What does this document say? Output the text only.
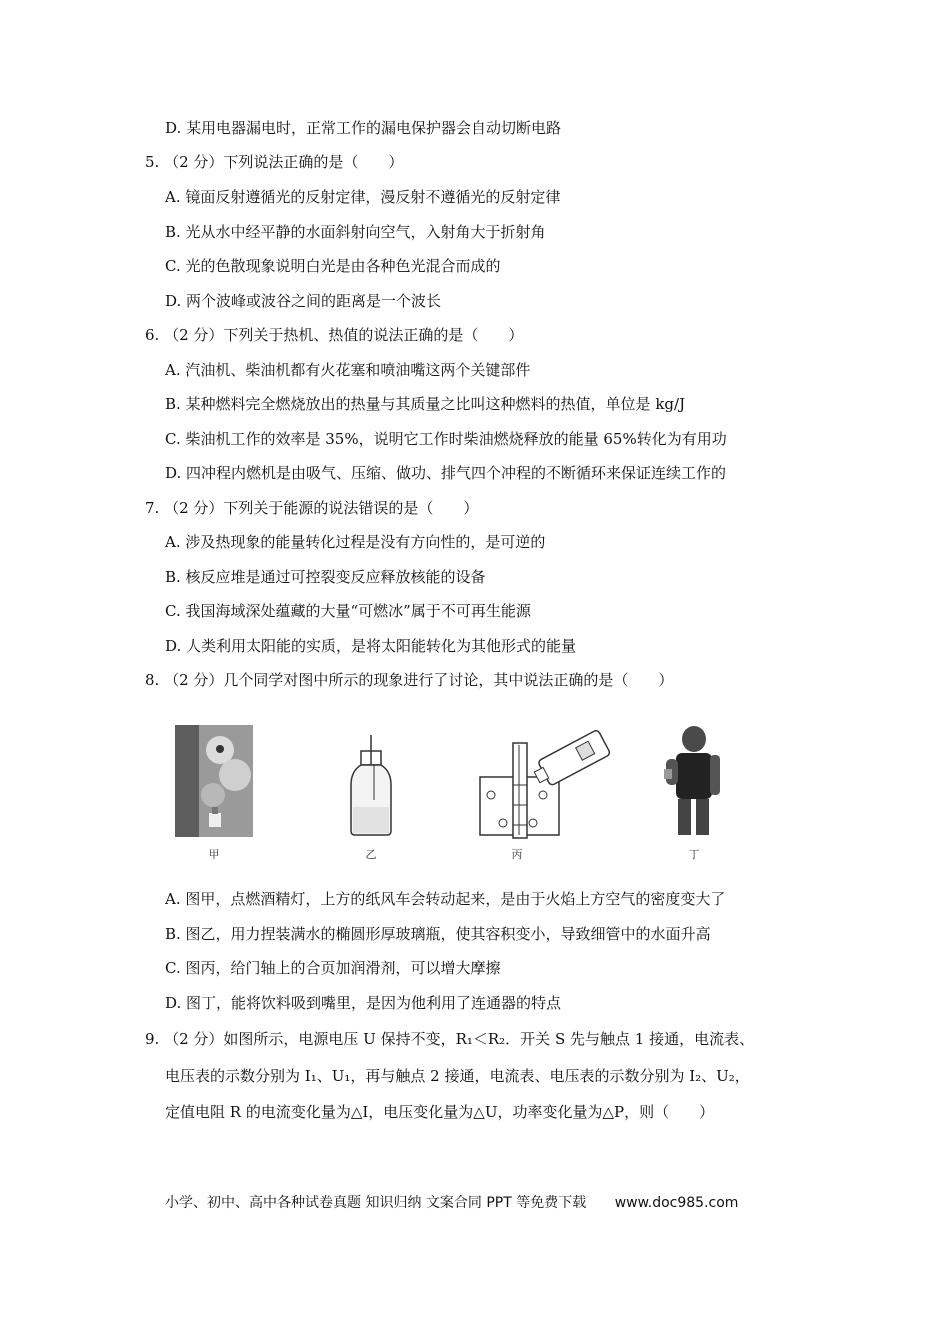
D. 某用电器漏电时，正常工作的漏电保护器会自动切断电路
5. （2 分）下列说法正确的是（　　）
A. 镜面反射遵循光的反射定律，漫反射不遵循光的反射定律
B. 光从水中经平静的水面斜射向空气，入射角大于折射角
C. 光的色散现象说明白光是由各种色光混合而成的
D. 两个波峰或波谷之间的距离是一个波长
6. （2 分）下列关于热机、热值的说法正确的是（　　）
A. 汽油机、柴油机都有火花塞和喷油嘴这两个关键部件
B. 某种燃料完全燃烧放出的热量与其质量之比叫这种燃料的热值，单位是 kg/J
C. 柴油机工作的效率是 35%，说明它工作时柴油燃烧释放的能量 65%转化为有用功
D. 四冲程内燃机是由吸气、压缩、做功、排气四个冲程的不断循环来保证连续工作的
7. （2 分）下列关于能源的说法错误的是（　　）
A. 涉及热现象的能量转化过程是没有方向性的，是可逆的
B. 核反应堆是通过可控裂变反应释放核能的设备
C. 我国海域深处蕴藏的大量“可燃冰”属于不可再生能源
D. 人类利用太阳能的实质，是将太阳能转化为其他形式的能量
8. （2 分）几个同学对图中所示的现象进行了讨论，其中说法正确的是（　　）
甲	乙	丙	丁
A. 图甲，点燃酒精灯，上方的纸风车会转动起来，是由于火焰上方空气的密度变大了
B. 图乙，用力捏装满水的椭圆形厚玻璃瓶，使其容积变小，导致细管中的水面升高
C. 图丙，给门轴上的合页加润滑剂，可以增大摩擦
D. 图丁，能将饮料吸到嘴里，是因为他利用了连通器的特点
9. （2 分）如图所示，电源电压 U 保持不变，R₁＜R₂．开关 S 先与触点 1 接通，电流表、
电压表的示数分别为 I₁、U₁，再与触点 2 接通，电流表、电压表的示数分别为 I₂、U₂，
定值电阻 R 的电流变化量为△I，电压变化量为△U，功率变化量为△P，则（　　）
小学、初中、高中各种试卷真题 知识归纳 文案合同 PPT 等免费下载 www.doc985.com
